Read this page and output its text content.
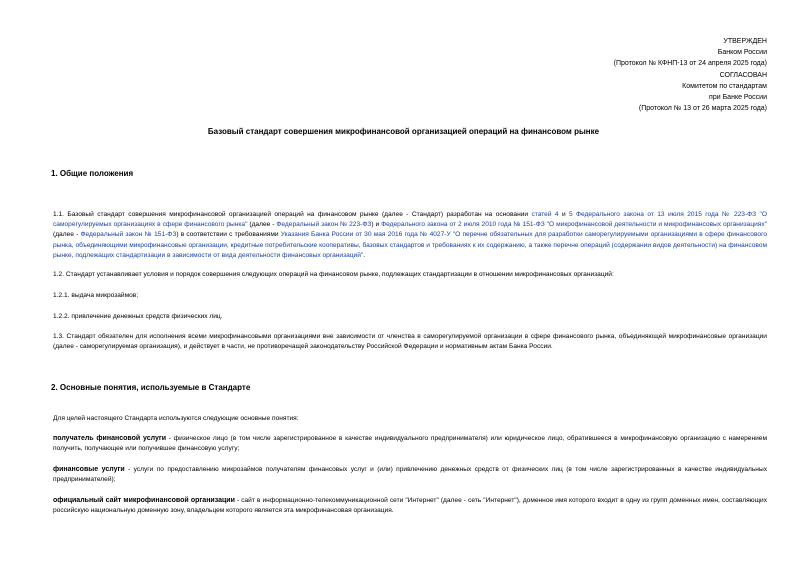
УТВЕРЖДЕН
Банком России
(Протокол № КФНП-13 от 24 апреля 2025 года)
СОГЛАСОВАН
Комитетом по стандартам
при Банке России
(Протокол № 13 от 26 марта 2025 года)
Базовый стандарт совершения микрофинансовой организацией операций на финансовом рынке
1. Общие положения
1.1. Базовый стандарт совершения микрофинансовой организацией операций на финансовом рынке (далее - Стандарт) разработан на основании статей 4 и 5 Федерального закона от 13 июля 2015 года № 223-ФЗ "О саморегулируемых организациях в сфере финансового рынка" (далее - Федеральный закон № 223-ФЗ) и Федерального закона от 2 июля 2010 года № 151-ФЗ "О микрофинансовой деятельности и микрофинансовых организациях" (далее - Федеральный закон № 151-ФЗ) в соответствии с требованиями Указания Банка России от 30 мая 2016 года № 4027-У "О перечне обязательных для разработки саморегулируемыми организациями в сфере финансового рынка, объединяющими микрофинансовые организации, кредитные потребительские кооперативы, базовых стандартов и требованиях к их содержанию, а также перечне операций (содержании видов деятельности) на финансовом рынке, подлежащих стандартизации в зависимости от вида деятельности финансовых организаций".
1.2. Стандарт устанавливает условия и порядок совершения следующих операций на финансовом рынке, подлежащих стандартизации в отношении микрофинансовых организаций:
1.2.1. выдача микрозаймов;
1.2.2. привлечение денежных средств физических лиц.
1.3. Стандарт обязателен для исполнения всеми микрофинансовыми организациями вне зависимости от членства в саморегулируемой организации в сфере финансового рынка, объединяющей микрофинансовые организации (далее - саморегулируемая организация), и действует в части, не противоречащей законодательству Российской Федерации и нормативным актам Банка России.
2. Основные понятия, используемые в Стандарте
Для целей настоящего Стандарта используются следующие основные понятия:
получатель финансовой услуги - физическое лицо (в том числе зарегистрированное в качестве индивидуального предпринимателя) или юридическое лицо, обратившееся в микрофинансовую организацию с намерением получить, получающее или получившее финансовую услугу;
финансовые услуги - услуги по предоставлению микрозаймов получателям финансовых услуг и (или) привлечению денежных средств от физических лиц (в том числе зарегистрированных в качестве индивидуальных предпринимателей);
официальный сайт микрофинансовой организации - сайт в информационно-телекоммуникационной сети "Интернет" (далее - сеть "Интернет"), доменное имя которого входит в одну из групп доменных имен, составляющих российскую национальную доменную зону, владельцем которого является эта микрофинансовая организация.
